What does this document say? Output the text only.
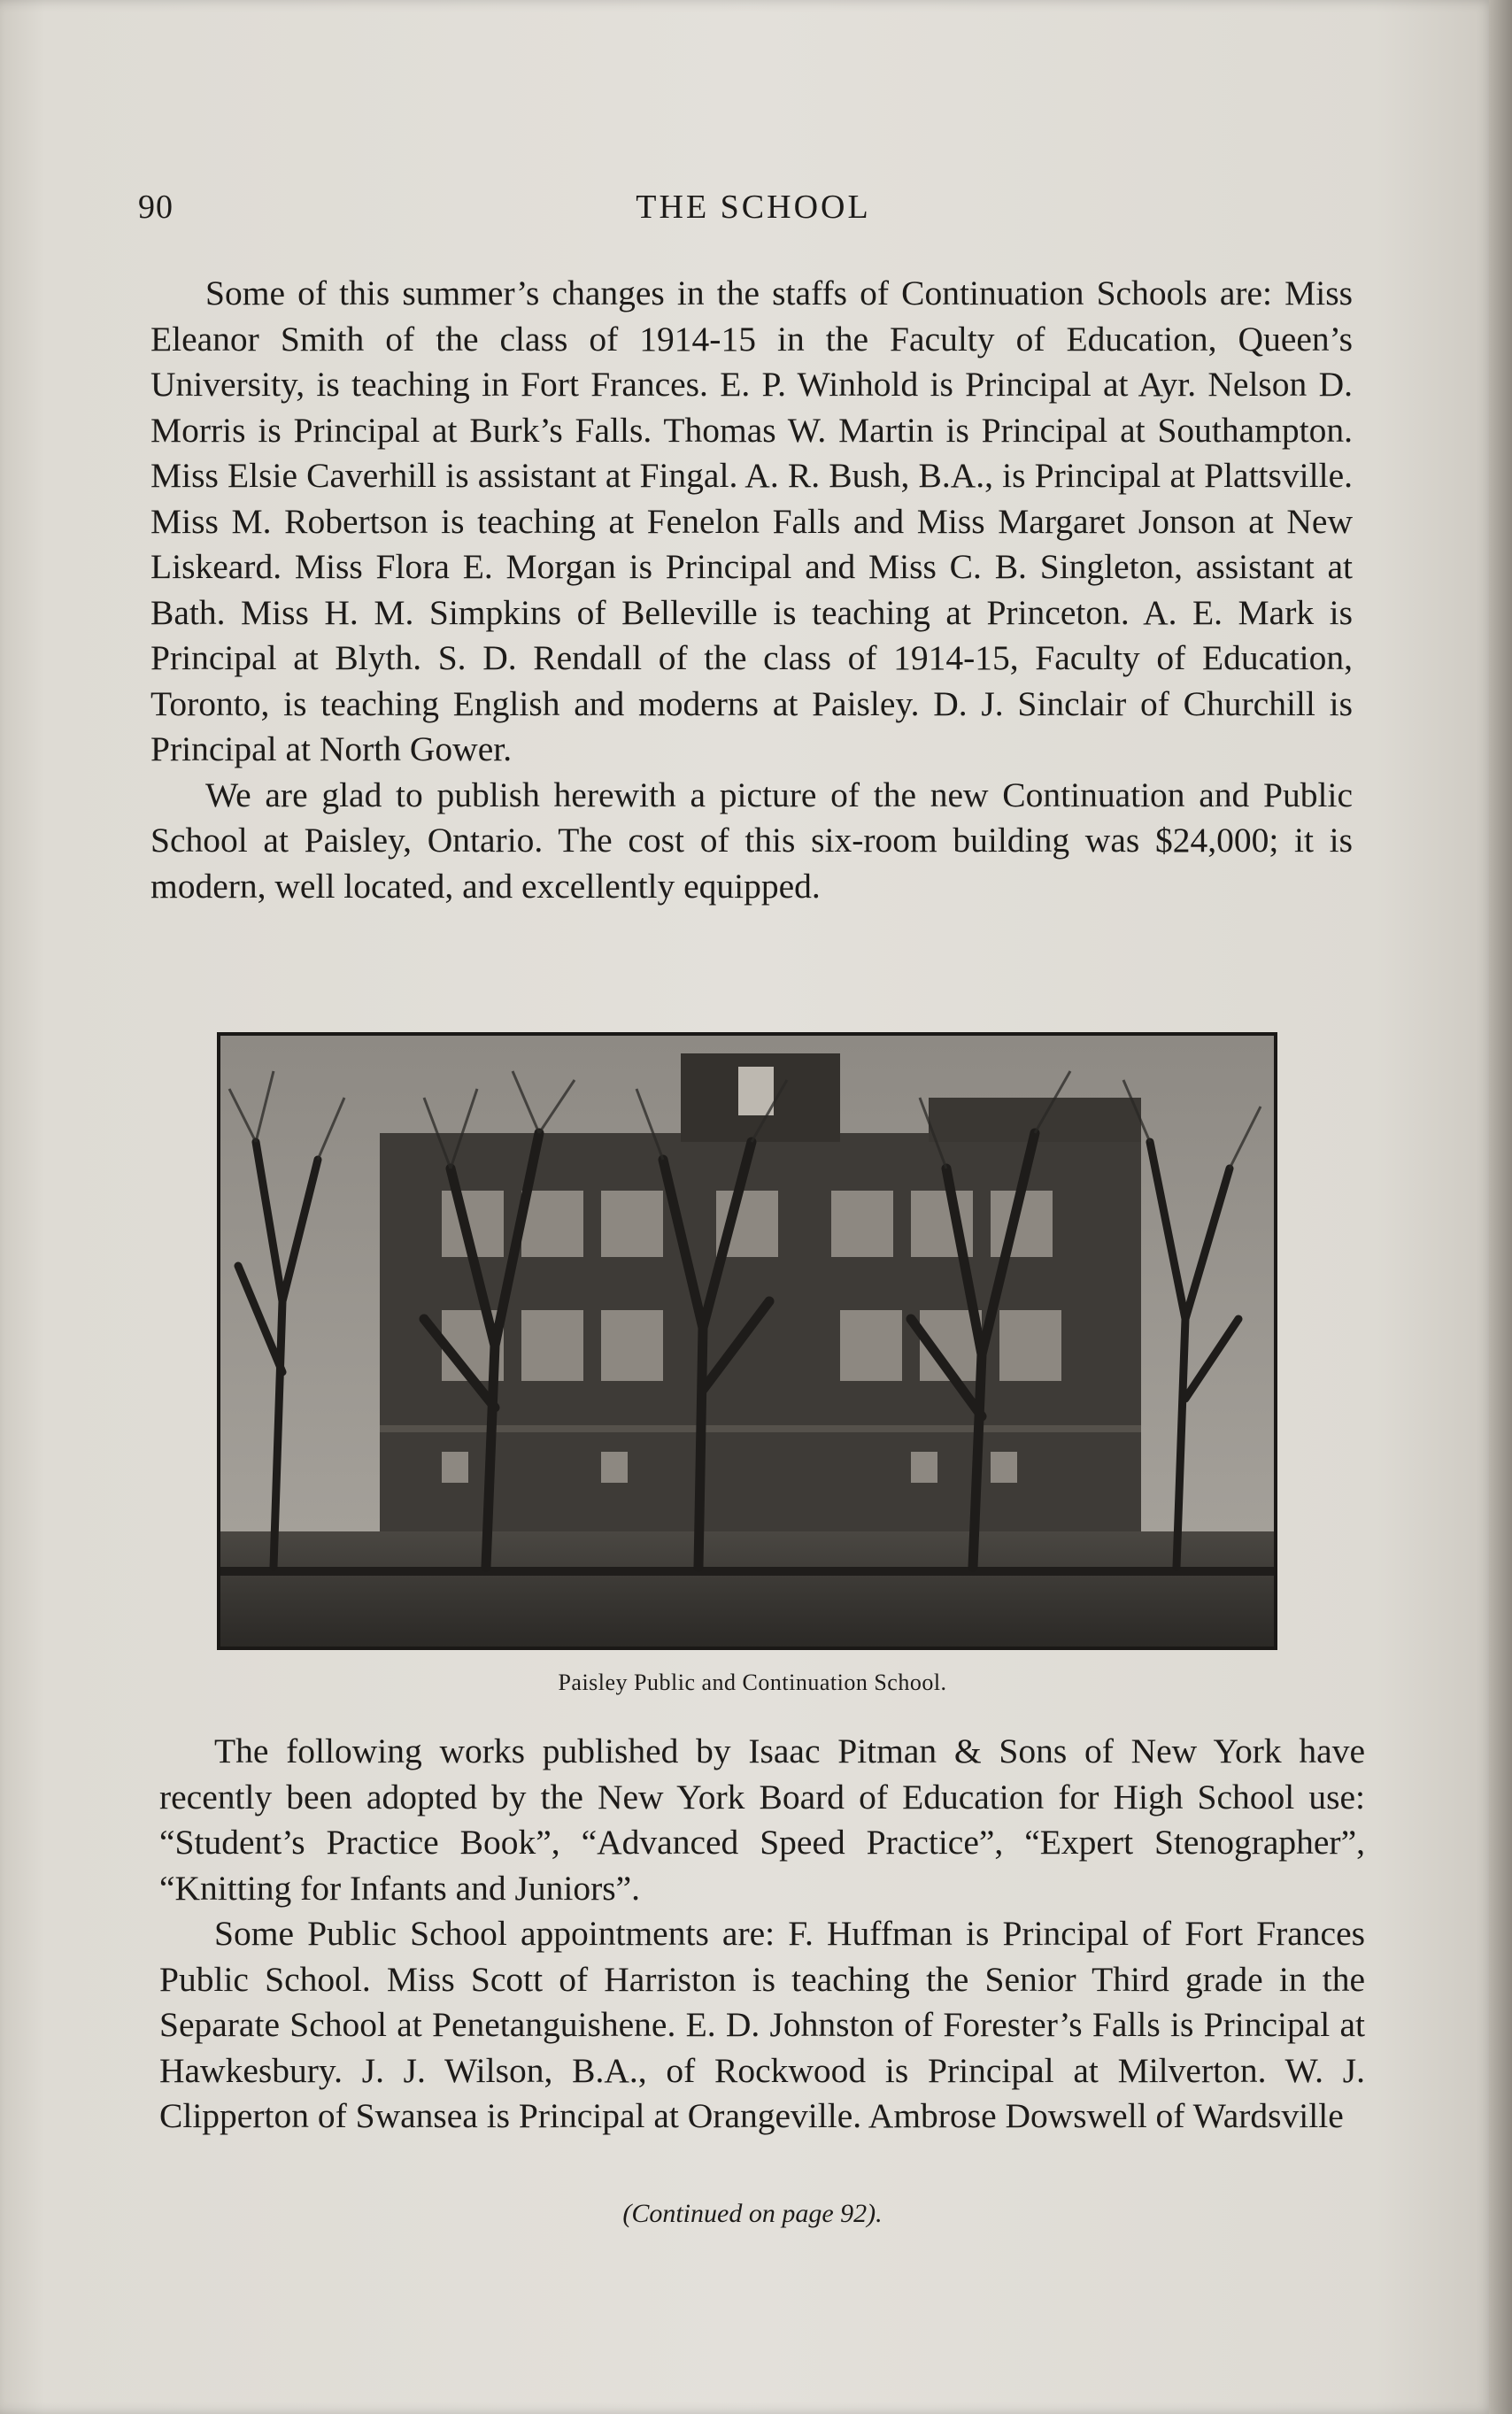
90	THE SCHOOL

Some of this summer’s changes in the staffs of Continuation Schools are: Miss Eleanor Smith of the class of 1914-15 in the Faculty of Education, Queen’s University, is teaching in Fort Frances. E. P. Winhold is Principal at Ayr. Nelson D. Morris is Principal at Burk’s Falls. Thomas W. Martin is Principal at Southampton. Miss Elsie Caverhill is assistant at Fingal. A. R. Bush, B.A., is Principal at Plattsville. Miss M. Robertson is teaching at Fenelon Falls and Miss Margaret Jonson at New Liskeard. Miss Flora E. Morgan is Principal and Miss C. B. Singleton, assistant at Bath. Miss H. M. Simpkins of Belleville is teaching at Princeton. A. E. Mark is Principal at Blyth. S. D. Rendall of the class of 1914-15, Faculty of Education, Toronto, is teaching English and moderns at Paisley. D. J. Sinclair of Churchill is Principal at North Gower.

We are glad to publish herewith a picture of the new Continuation and Public School at Paisley, Ontario. The cost of this six-room building was $24,000; it is modern, well located, and excellently equipped.

Paisley Public and Continuation School.

The following works published by Isaac Pitman & Sons of New York have recently been adopted by the New York Board of Education for High School use: “Student’s Practice Book”, “Advanced Speed Practice”, “Expert Stenographer”, “Knitting for Infants and Juniors”.

Some Public School appointments are: F. Huffman is Principal of Fort Frances Public School. Miss Scott of Harriston is teaching the Senior Third grade in the Separate School at Penetanguishene. E. D. Johnston of Forester’s Falls is Principal at Hawkesbury. J. J. Wilson, B.A., of Rockwood is Principal at Milverton. W. J. Clipperton of Swansea is Principal at Orangeville. Ambrose Dowswell of Wardsville

(Continued on page 92).
